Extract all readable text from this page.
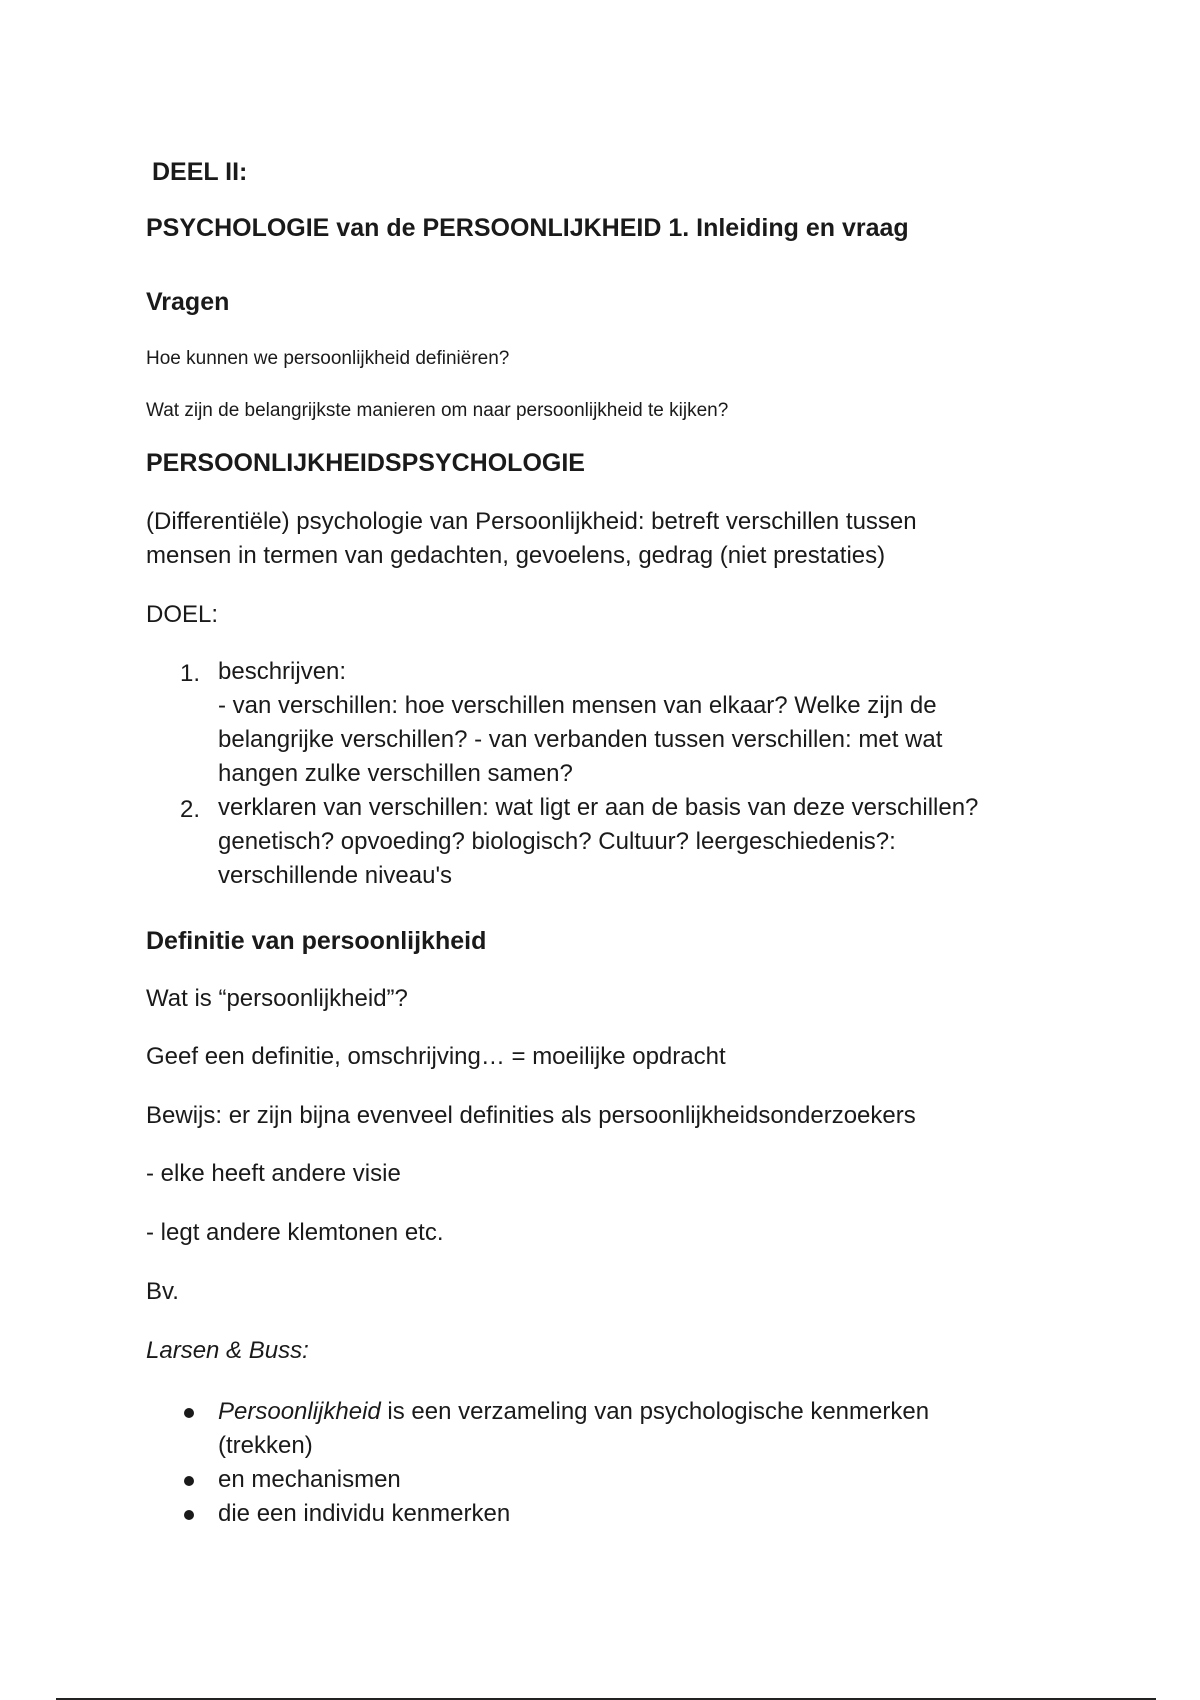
DEEL II:

PSYCHOLOGIE van de PERSOONLIJKHEID 1. Inleiding en vraag

Vragen

Hoe kunnen we persoonlijkheid definiëren?

Wat zijn de belangrijkste manieren om naar persoonlijkheid te kijken?

PERSOONLIJKHEIDSPSYCHOLOGIE

(Differentiële) psychologie van Persoonlijkheid: betreft verschillen tussen

mensen in termen van gedachten, gevoelens, gedrag (niet prestaties)

DOEL:

1. beschrijven:
- van verschillen: hoe verschillen mensen van elkaar? Welke zijn de
belangrijke verschillen? - van verbanden tussen verschillen: met wat
hangen zulke verschillen samen?
2. verklaren van verschillen: wat ligt er aan de basis van deze verschillen?
genetisch? opvoeding? biologisch? Cultuur? leergeschiedenis?:
verschillende niveau's

Definitie van persoonlijkheid

Wat is “persoonlijkheid”?

Geef een definitie, omschrijving… = moeilijke opdracht

Bewijs: er zijn bijna evenveel definities als persoonlijkheidsonderzoekers

- elke heeft andere visie

- legt andere klemtonen etc.

Bv.

Larsen & Buss:

Persoonlijkheid is een verzameling van psychologische kenmerken
(trekken)
en mechanismen
die een individu kenmerken
